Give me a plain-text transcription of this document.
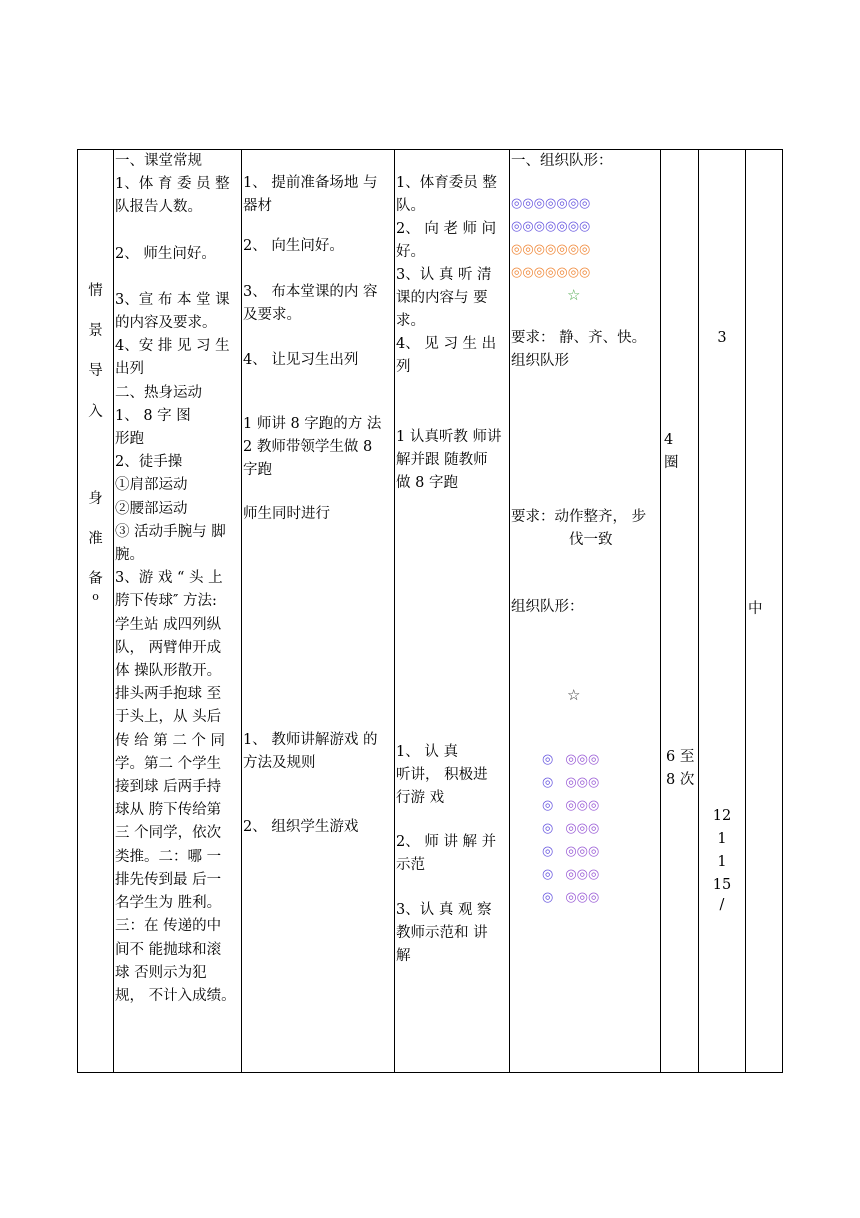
情
景
导
入
身
准
备
o
一、课堂常规
1、体 育 委 员 整
队报告人数。
2、 师生问好。
3、宣 布 本 堂 课
的内容及要求。
4、安 排 见 习 生
出列
二、热身运动
1、 8 字 图
形跑
2、徒手操
①肩部运动
②腰部运动
③ 活动手腕与 脚
腕。
3、游 戏 “ 头 上
胯下传球″ 方法:
学生站 成四列纵
队， 两臂伸开成
体 操队形散开。
排头两手抱球 至
于头上，从 头后
传 给 第 二 个 同
学。第二 个学生
接到球 后两手持
球从 胯下传给第
三 个同学，依次
类推。二：哪 一
排先传到最 后一
名学生为 胜利。
三：在 传递的中
间不 能抛球和滚
球 否则示为犯
规， 不计入成绩。
1、 提前准备场地 与
器材
2、 向生问好。
3、 布本堂课的内 容
及要求。
4、 让见习生出列
1 师讲 8 字跑的方 法
2 教师带领学生做 8
字跑
师生同时进行
1、 教师讲解游戏 的
方法及规则
2、 组织学生游戏
1、体育委员 整
队。
2、 向 老 师 问
好。
3、认 真 听 清
课的内容与 要
求。
4、 见 习 生 出
列
1 认真听教 师讲
解并跟 随教师
做 8 字跑
1、 认 真
听讲， 积极进
行游 戏
2、 师 讲 解 并
示范
3、认 真 观 察
教师示范和 讲
解
一、组织队形：
◎◎◎◎◎◎◎
◎◎◎◎◎◎◎
◎◎◎◎◎◎◎
◎◎◎◎◎◎◎
☆
要求： 静、齐、快。
组织队形
要求：动作整齐， 步
伐一致
组织队形：
☆
◎ ◎◎◎
◎ ◎◎◎
◎ ◎◎◎
◎ ◎◎◎
◎ ◎◎◎
◎ ◎◎◎
◎ ◎◎◎
4
圈
6 至
8 次
3
12
1
1
15
/
中
